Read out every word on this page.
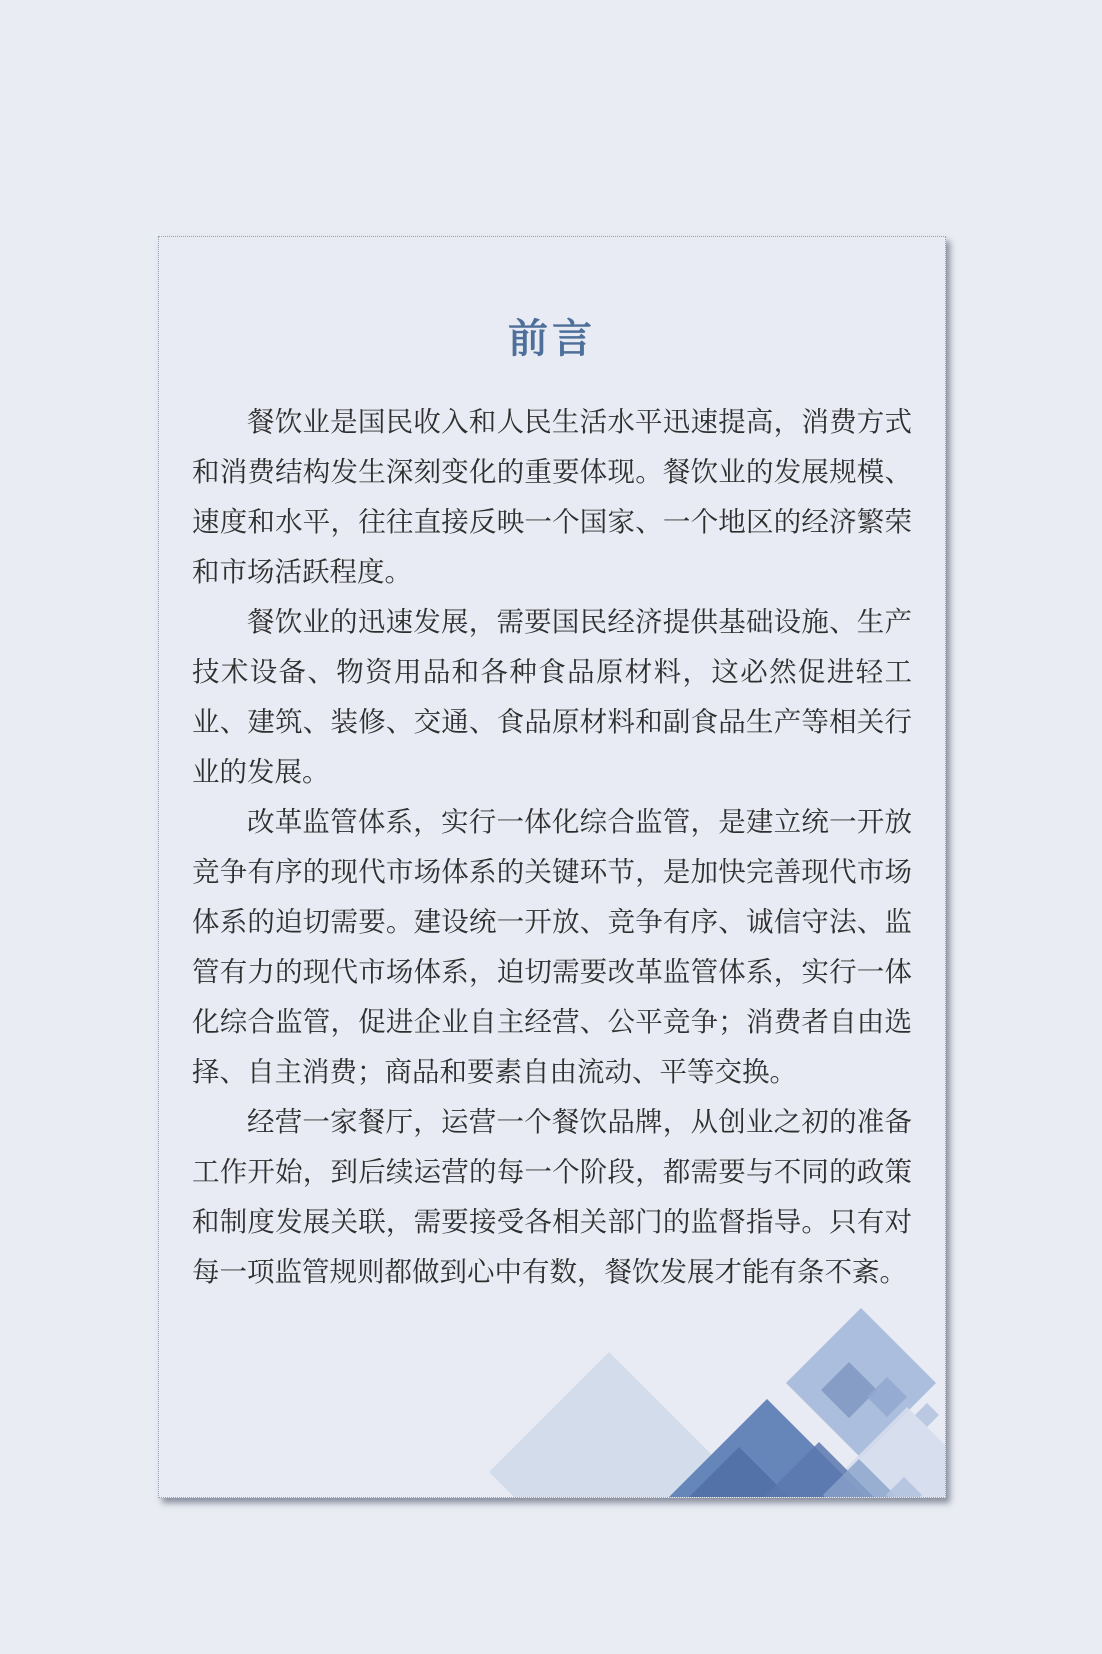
前言

餐饮业是国民收入和人民生活水平迅速提高，消费方式和消费结构发生深刻变化的重要体现。餐饮业的发展规模、速度和水平，往往直接反映一个国家、一个地区的经济繁荣和市场活跃程度。

餐饮业的迅速发展，需要国民经济提供基础设施、生产技术设备、物资用品和各种食品原材料，这必然促进轻工业、建筑、装修、交通、食品原材料和副食品生产等相关行业的发展。

改革监管体系，实行一体化综合监管，是建立统一开放竞争有序的现代市场体系的关键环节，是加快完善现代市场体系的迫切需要。建设统一开放、竞争有序、诚信守法、监管有力的现代市场体系，迫切需要改革监管体系，实行一体化综合监管，促进企业自主经营、公平竞争；消费者自由选择、自主消费；商品和要素自由流动、平等交换。

经营一家餐厅，运营一个餐饮品牌，从创业之初的准备工作开始，到后续运营的每一个阶段，都需要与不同的政策和制度发展关联，需要接受各相关部门的监督指导。只有对每一项监管规则都做到心中有数，餐饮发展才能有条不紊。
